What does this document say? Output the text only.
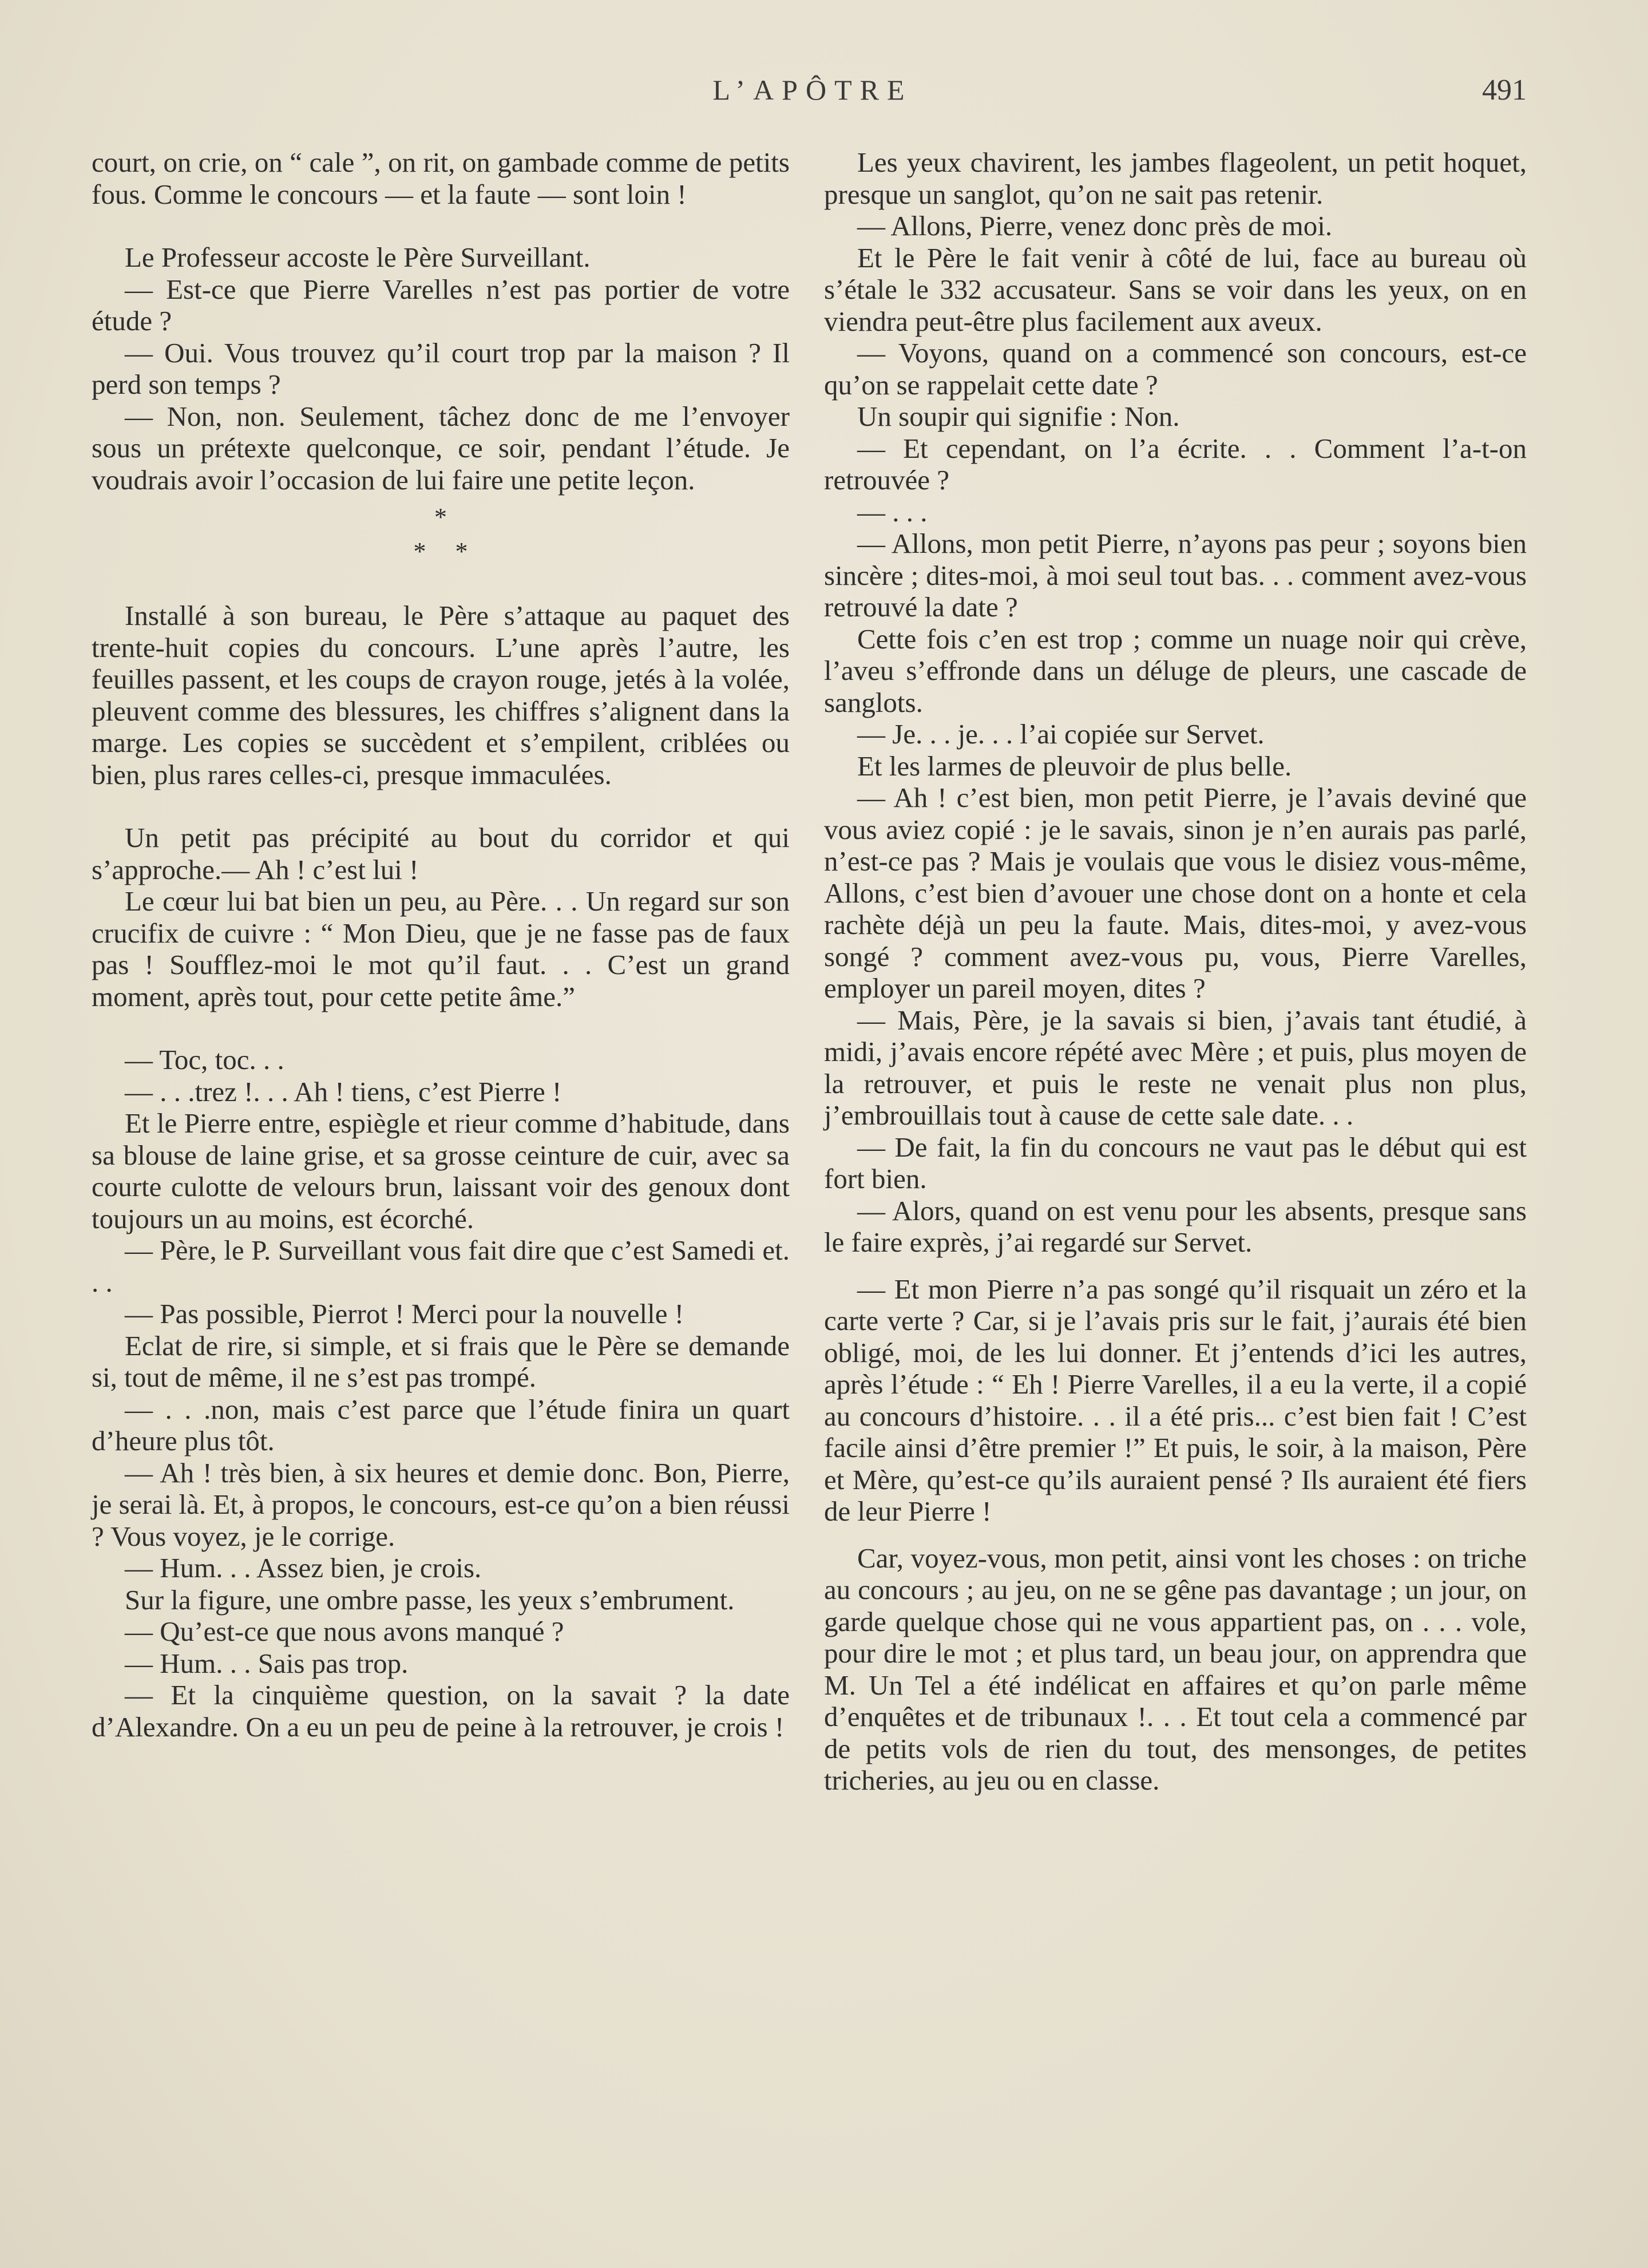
L’APÔTRE	491

court, on crie, on “ cale ”, on rit, on gambade comme de petits fous. Comme le concours — et la faute — sont loin !

Le Professeur accoste le Père Surveillant.

— Est-ce que Pierre Varelles n’est pas portier de votre étude ?

— Oui. Vous trouvez qu’il court trop par la maison ? Il perd son temps ?

— Non, non. Seulement, tâchez donc de me l’envoyer sous un prétexte quelconque, ce soir, pendant l’étude. Je voudrais avoir l’occasion de lui faire une petite leçon.

*
* *

Installé à son bureau, le Père s’attaque au paquet des trente-huit copies du concours. L’une après l’autre, les feuilles passent, et les coups de crayon rouge, jetés à la volée, pleuvent comme des blessures, les chiffres s’alignent dans la marge. Les copies se succèdent et s’empilent, criblées ou bien, plus rares celles-ci, presque immaculées.

Un petit pas précipité au bout du corridor et qui s’approche.— Ah ! c’est lui !

Le cœur lui bat bien un peu, au Père. . . Un regard sur son crucifix de cuivre : “ Mon Dieu, que je ne fasse pas de faux pas ! Soufflez-moi le mot qu’il faut. . . C’est un grand moment, après tout, pour cette petite âme.”

— Toc, toc. . .

— . . .trez !. . . Ah ! tiens, c’est Pierre !

Et le Pierre entre, espiègle et rieur comme d’habitude, dans sa blouse de laine grise, et sa grosse ceinture de cuir, avec sa courte culotte de velours brun, laissant voir des genoux dont toujours un au moins, est écorché.

— Père, le P. Surveillant vous fait dire que c’est Samedi et. . .

— Pas possible, Pierrot ! Merci pour la nouvelle !

Eclat de rire, si simple, et si frais que le Père se demande si, tout de même, il ne s’est pas trompé.

— . . .non, mais c’est parce que l’étude finira un quart d’heure plus tôt.

— Ah ! très bien, à six heures et demie donc. Bon, Pierre, je serai là. Et, à propos, le concours, est-ce qu’on a bien réussi ? Vous voyez, je le corrige.

— Hum. . . Assez bien, je crois.

Sur la figure, une ombre passe, les yeux s’embrument.

— Qu’est-ce que nous avons manqué ?

— Hum. . . Sais pas trop.

— Et la cinquième question, on la savait ? la date d’Alexandre. On a eu un peu de peine à la retrouver, je crois !

Les yeux chavirent, les jambes flageolent, un petit hoquet, presque un sanglot, qu’on ne sait pas retenir.

— Allons, Pierre, venez donc près de moi.

Et le Père le fait venir à côté de lui, face au bureau où s’étale le 332 accusateur. Sans se voir dans les yeux, on en viendra peut-être plus facilement aux aveux.

— Voyons, quand on a commencé son concours, est-ce qu’on se rappelait cette date ?

Un soupir qui signifie : Non.

— Et cependant, on l’a écrite. . . Comment l’a-t-on retrouvée ?

— . . .

— Allons, mon petit Pierre, n’ayons pas peur ; soyons bien sincère ; dites-moi, à moi seul tout bas. . . comment avez-vous retrouvé la date ?

Cette fois c’en est trop ; comme un nuage noir qui crève, l’aveu s’effronde dans un déluge de pleurs, une cascade de sanglots.

— Je. . . je. . . l’ai copiée sur Servet.

Et les larmes de pleuvoir de plus belle.

— Ah ! c’est bien, mon petit Pierre, je l’avais deviné que vous aviez copié : je le savais, sinon je n’en aurais pas parlé, n’est-ce pas ? Mais je voulais que vous le disiez vous-même, Allons, c’est bien d’avouer une chose dont on a honte et cela rachète déjà un peu la faute. Mais, dites-moi, y avez-vous songé ? comment avez-vous pu, vous, Pierre Varelles, employer un pareil moyen, dites ?

— Mais, Père, je la savais si bien, j’avais tant étudié, à midi, j’avais encore répété avec Mère ; et puis, plus moyen de la retrouver, et puis le reste ne venait plus non plus, j’embrouillais tout à cause de cette sale date. . .

— De fait, la fin du concours ne vaut pas le début qui est fort bien.

— Alors, quand on est venu pour les absents, presque sans le faire exprès, j’ai regardé sur Servet.

— Et mon Pierre n’a pas songé qu’il risquait un zéro et la carte verte ? Car, si je l’avais pris sur le fait, j’aurais été bien obligé, moi, de les lui donner. Et j’entends d’ici les autres, après l’étude : “ Eh ! Pierre Varelles, il a eu la verte, il a copié au concours d’histoire. . . il a été pris... c’est bien fait ! C’est facile ainsi d’être premier !” Et puis, le soir, à la maison, Père et Mère, qu’est-ce qu’ils auraient pensé ? Ils auraient été fiers de leur Pierre !

Car, voyez-vous, mon petit, ainsi vont les choses : on triche au concours ; au jeu, on ne se gêne pas davantage ; un jour, on garde quelque chose qui ne vous appartient pas, on . . . vole, pour dire le mot ; et plus tard, un beau jour, on apprendra que M. Un Tel a été indélicat en affaires et qu’on parle même d’enquêtes et de tribunaux !. . . Et tout cela a commencé par de petits vols de rien du tout, des mensonges, de petites tricheries, au jeu ou en classe.
